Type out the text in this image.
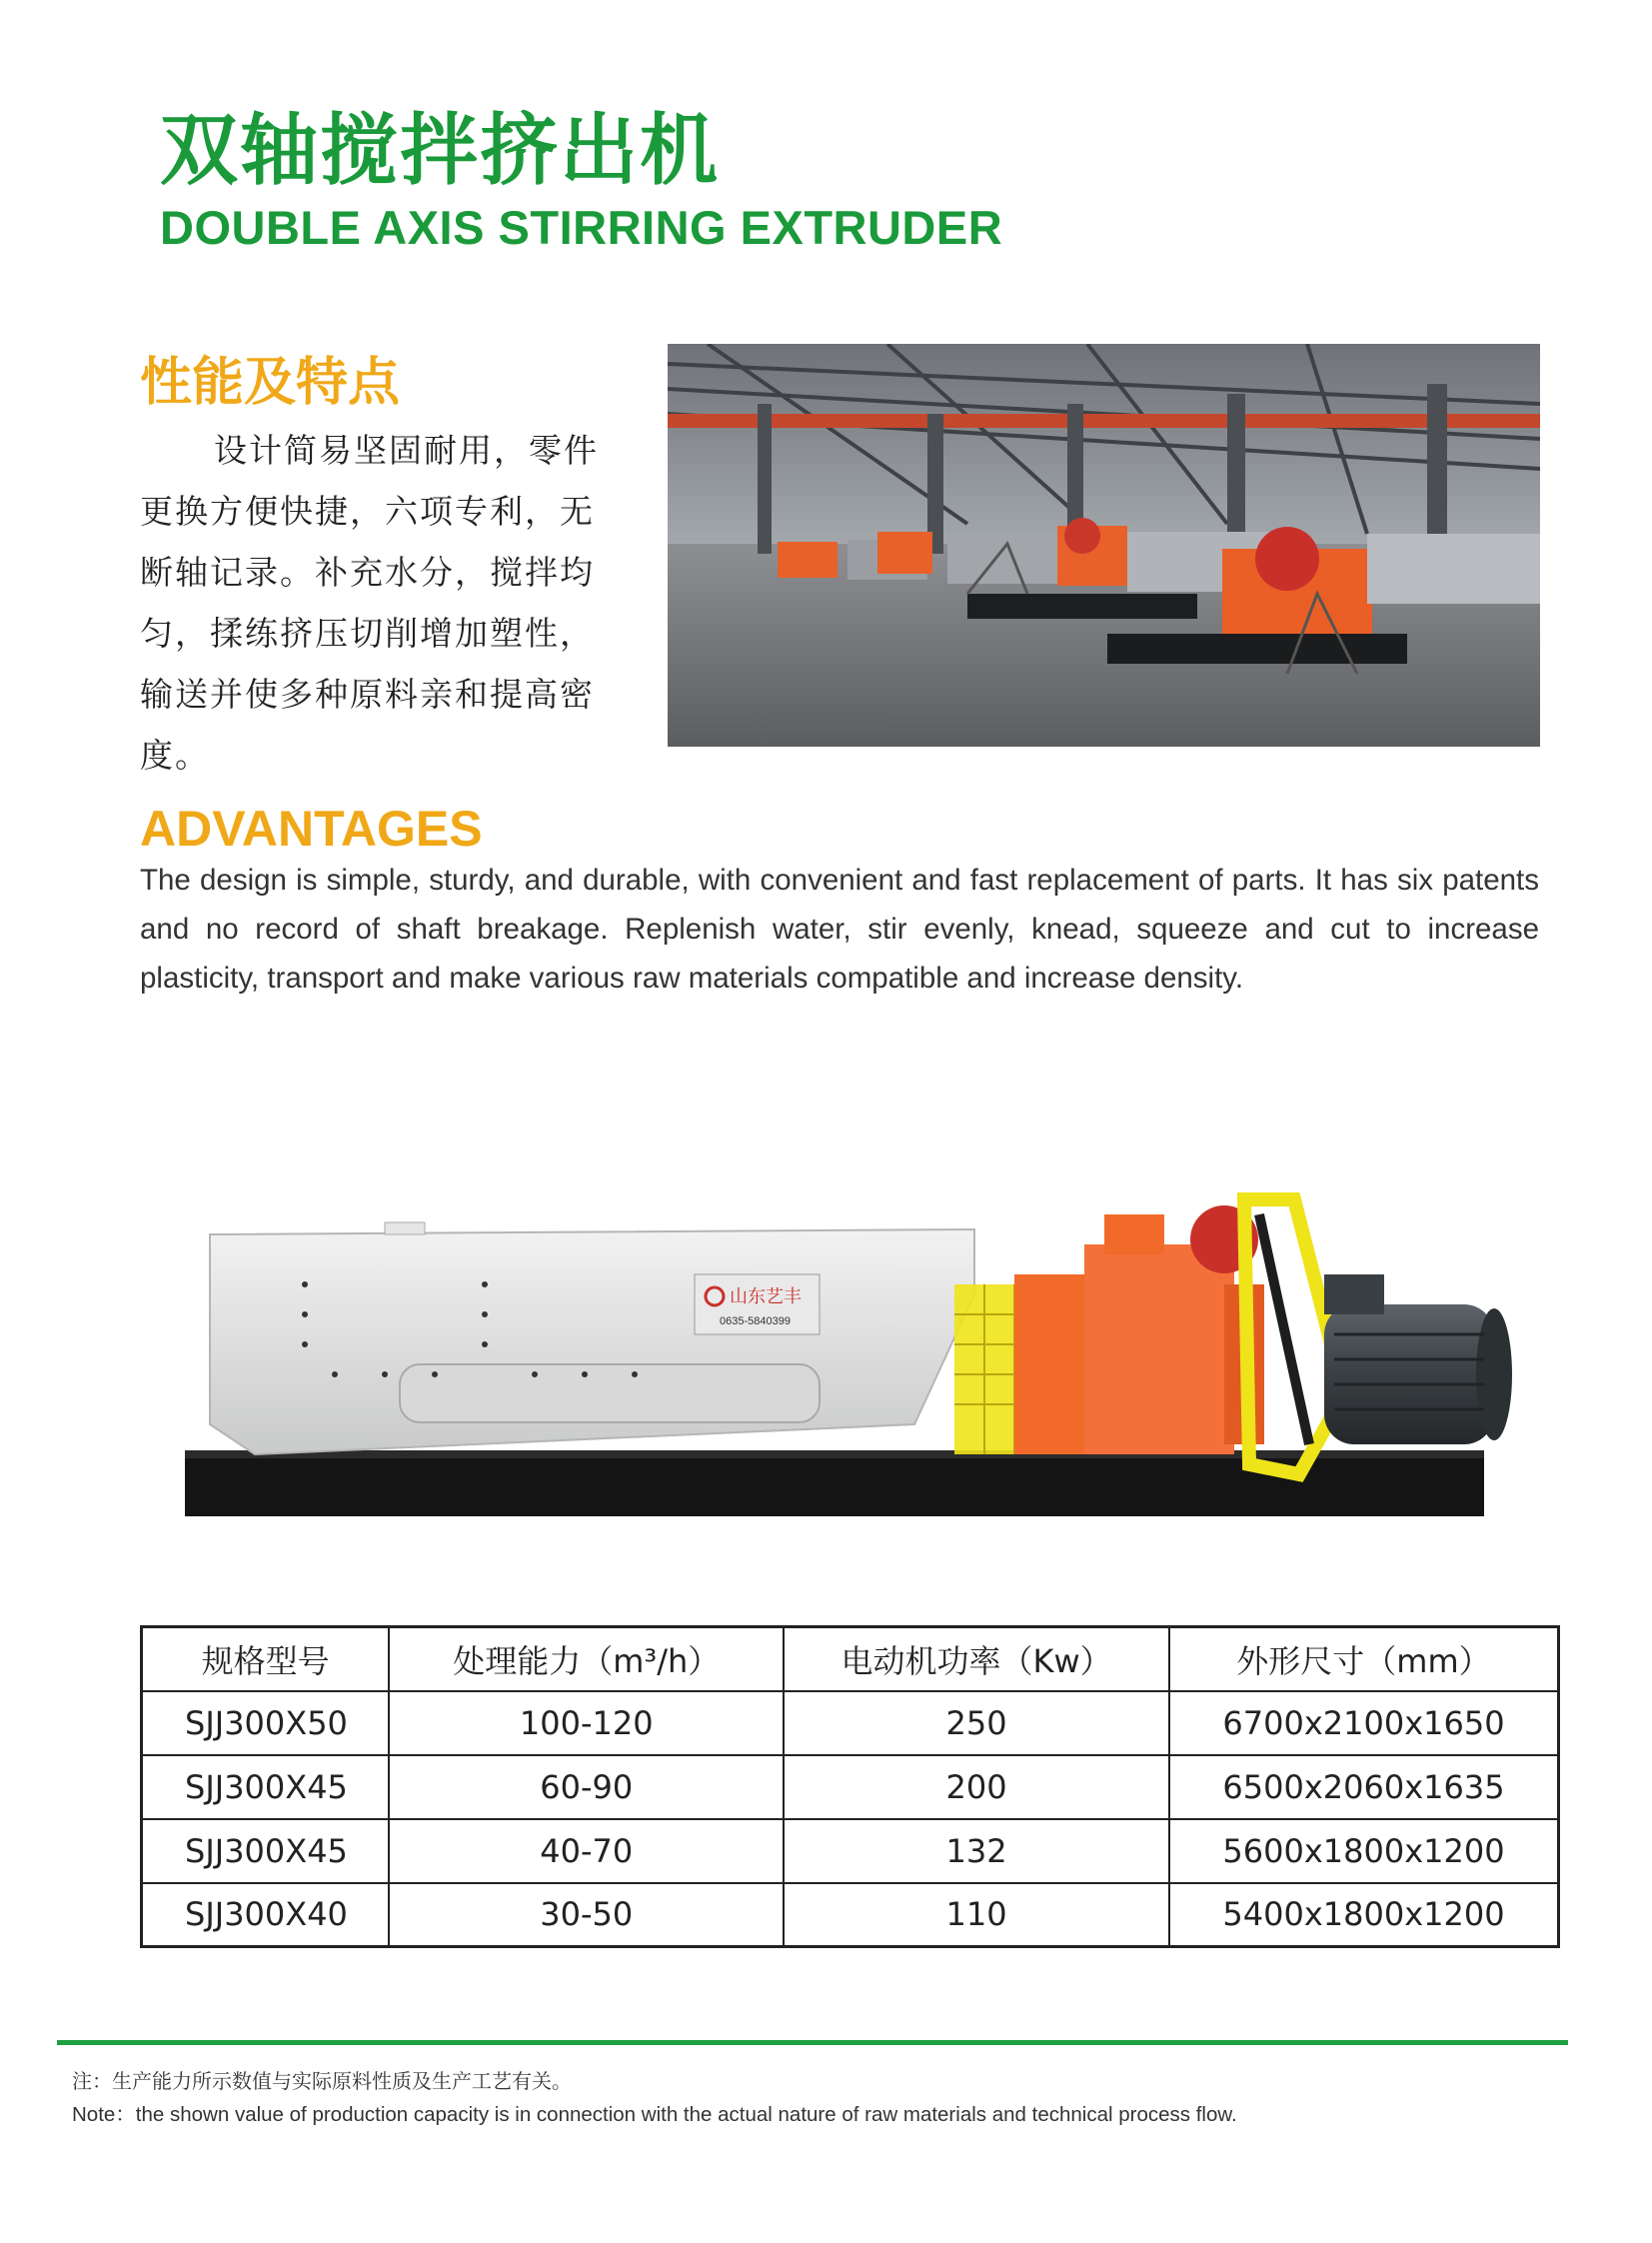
双轴搅拌挤出机
DOUBLE AXIS STIRRING EXTRUDER
性能及特点
设计简易坚固耐用，零件更换方便快捷，六项专利，无断轴记录。补充水分，搅拌均匀，揉练挤压切削增加塑性，输送并使多种原料亲和提高密度。
ADVANTAGES
The design is simple, sturdy, and durable, with convenient and fast replacement of parts. It has six patents and no record of shaft breakage. Replenish water, stir evenly, knead, squeeze and cut to increase plasticity, transport and make various raw materials compatible and increase density.
山东艺丰
0635-5840399
规格型号	处理能力（m³/h）	电动机功率（Kw）	外形尺寸（mm）
SJJ300X50	100-120	250	6700x2100x1650
SJJ300X45	60-90	200	6500x2060x1635
SJJ300X45	40-70	132	5600x1800x1200
SJJ300X40	30-50	110	5400x1800x1200
注：生产能力所示数值与实际原料性质及生产工艺有关。
Note：the shown value of production capacity is in connection with the actual nature of raw materials and technical process flow.
